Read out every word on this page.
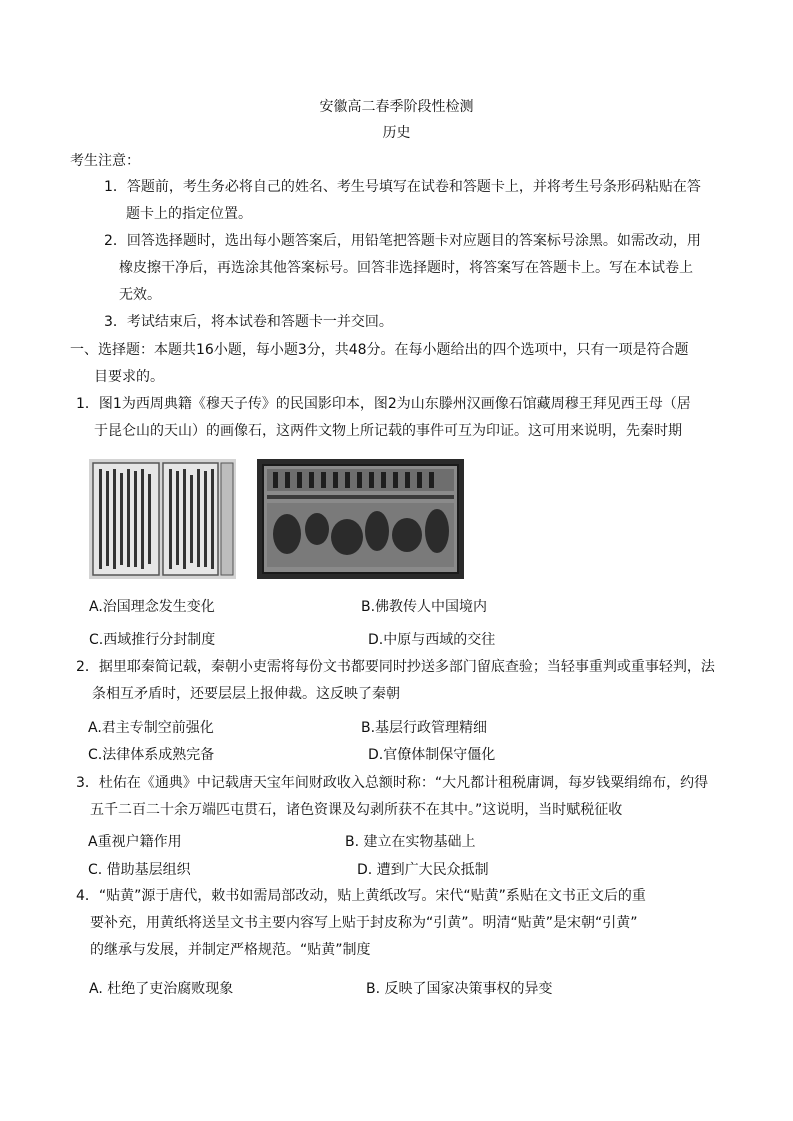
安徽高二春季阶段性检测
历史
考生注意：
1．答题前，考生务必将自己的姓名、考生号填写在试卷和答题卡上，并将考生号条形码粘贴在答
题卡上的指定位置。
2．回答选择题时，选出每小题答案后，用铅笔把答题卡对应题目的答案标号涂黑。如需改动，用
橡皮擦干净后，再选涂其他答案标号。回答非选择题时，将答案写在答题卡上。写在本试卷上
无效。
3．考试结束后，将本试卷和答题卡一并交回。
一、选择题：本题共16小题，每小题3分，共48分。在每小题给出的四个选项中，只有一项是符合题
目要求的。
1．图1为西周典籍《穆天子传》的民国影印本，图2为山东滕州汉画像石馆藏周穆王拜见西王母（居
于昆仑山的天山）的画像石，这两件文物上所记载的事件可互为印证。这可用来说明，先秦时期
A.治国理念发生变化	B.佛教传人中国境内
C.西域推行分封制度	D.中原与西域的交往
2．据里耶秦简记载，秦朝小吏需将每份文书都要同时抄送多部门留底查验；当轻事重判或重事轻判，法
条相互矛盾时，还要层层上报伸裁。这反映了秦朝
A.君主专制空前强化	B.基层行政管理精细
C.法律体系成熟完备	D.官僚体制保守僵化
3．杜佑在《通典》中记载唐天宝年间财政收入总额时称：“大凡都计租税庸调，每岁钱粟绢绵布，约得
五千二百二十余万端匹屯贯石，诸色资课及勾剥所获不在其中。”这说明，当时赋税征收
A重视户籍作用	B. 建立在实物基础上
C. 借助基层组织	D. 遭到广大民众抵制
4．“贴黄”源于唐代，敕书如需局部改动，贴上黄纸改写。宋代“贴黄”系贴在文书正文后的重
要补充，用黄纸将送呈文书主要内容写上贴于封皮称为“引黄”。明清“贴黄”是宋朝“引黄”
的继承与发展，并制定严格规范。“贴黄”制度
A. 杜绝了吏治腐败现象	B. 反映了国家决策事权的异变
